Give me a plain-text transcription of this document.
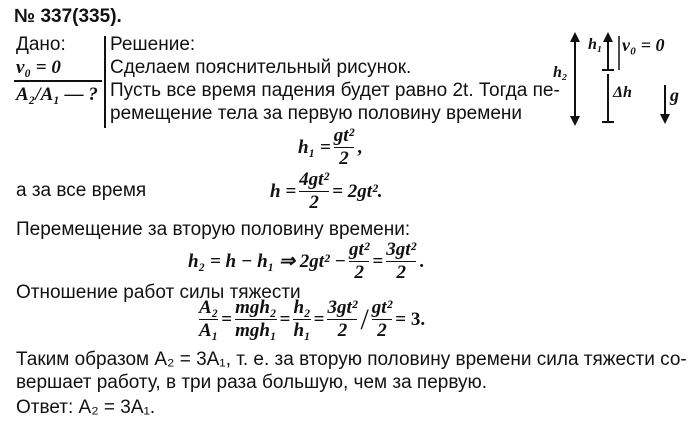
№ 337(335).
Дано:
v₀ = 0
A₂/A₁ — ?
Решение:
Сделаем пояснительный рисунок.
Пусть все время падения будет равно 2t. Тогда пе-
ремещение тела за первую половину времени
h₁
h₂
v₀ = 0
Δh g
h₁ =
gt²
2
,
а за все время	h =
4gt²
2
= 2gt².
Перемещение за вторую половину времени:
h₂ = h − h₁ ⇒ 2gt² −
gt²
2
=
3gt²
2
.
Отношение работ силы тяжести
A₂
A₁
=
mgh₂
mgh₁
=
h₂
h₁
=
3gt²
2 / gt²
2
= 3.
Таким образом A₂ = 3A₁, т. е. за вторую половину времени сила тяжести со-
вершает работу, в три раза большую, чем за первую.
Ответ: A₂ = 3A₁.
